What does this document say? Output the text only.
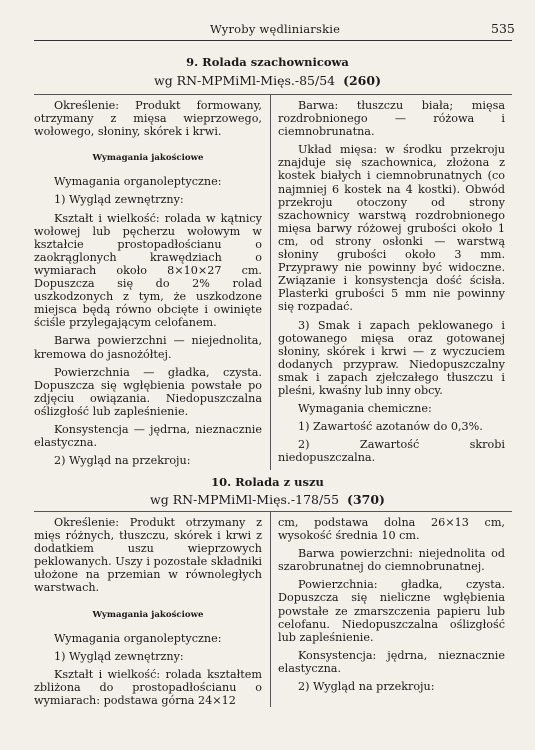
Wyroby wędliniarskie	535
9. Rolada szachownicowa
wg RN-MPMiMl-Mięs.-85/54 (260)

Określenie: Produkt formowany, otrzymany z mięsa wieprzowego, wołowego, słoniny, skórek i krwi.

Wymagania jakościowe

Wymagania organoleptyczne:

1) Wygląd zewnętrzny:

Kształt i wielkość: rolada w kątnicy wołowej lub pęcherzu wołowym w kształcie prostopadłościanu o zaokrąglonych krawędziach o wymiarach około 8×10×27 cm. Dopuszcza się do 2% rolad uszkodzonych z tym, że uszkodzone miejsca będą równo obcięte i owinięte ściśle przylegającym celofanem.

Barwa powierzchni — niejednolita, kremowa do jasnożółtej.

Powierzchnia — gładka, czysta. Dopuszcza się wgłębienia powstałe po zdjęciu owiązania. Niedopuszczalna oślizgłość lub zapleśnienie.

Konsystencja — jędrna, nieznacznie elastyczna.

2) Wygląd na przekroju:

Barwa: tłuszczu biała; mięsa rozdrobnionego — różowa i ciemnobrunatna.

Układ mięsa: w środku przekroju znajduje się szachownica, złożona z kostek białych i ciemnobrunatnych (co najmniej 6 kostek na 4 kostki). Obwód przekroju otoczony od strony szachownicy warstwą rozdrobnionego mięsa barwy różowej grubości około 1 cm, od strony osłonki — warstwą słoniny grubości około 3 mm. Przyprawy nie powinny być widoczne. Związanie i konsystencja dość ścisła. Plasterki grubości 5 mm nie powinny się rozpadać.

3) Smak i zapach peklowanego i gotowanego mięsa oraz gotowanej słoniny, skórek i krwi — z wyczuciem dodanych przypraw. Niedopuszczalny smak i zapach zjełczałego tłuszczu i pleśni, kwaśny lub inny obcy.

Wymagania chemiczne:

1) Zawartość azotanów do 0,3%.

2) Zawartość skrobi niedopuszczalna.

10. Rolada z uszu
wg RN-MPMiMl-Mięs.-178/55 (370)

Określenie: Produkt otrzymany z mięs różnych, tłuszczu, skórek i krwi z dodatkiem uszu wieprzowych peklowanych. Uszy i pozostałe składniki ułożone na przemian w równoległych warstwach.

Wymagania jakościowe

Wymagania organoleptyczne:

1) Wygląd zewnętrzny:

Kształt i wielkość: rolada kształtem zbliżona do prostopadłościanu o wymiarach: podstawa górna 24×12

cm, podstawa dolna 26×13 cm, wysokość średnia 10 cm.

Barwa powierzchni: niejednolita od szarobrunatnej do ciemnobrunatnej.

Powierzchnia: gładka, czysta. Dopuszcza się nieliczne wgłębienia powstałe ze zmarszczenia papieru lub celofanu. Niedopuszczalna oślizgłość lub zapleśnienie.

Konsystencja: jędrna, nieznacznie elastyczna.

2) Wygląd na przekroju:
